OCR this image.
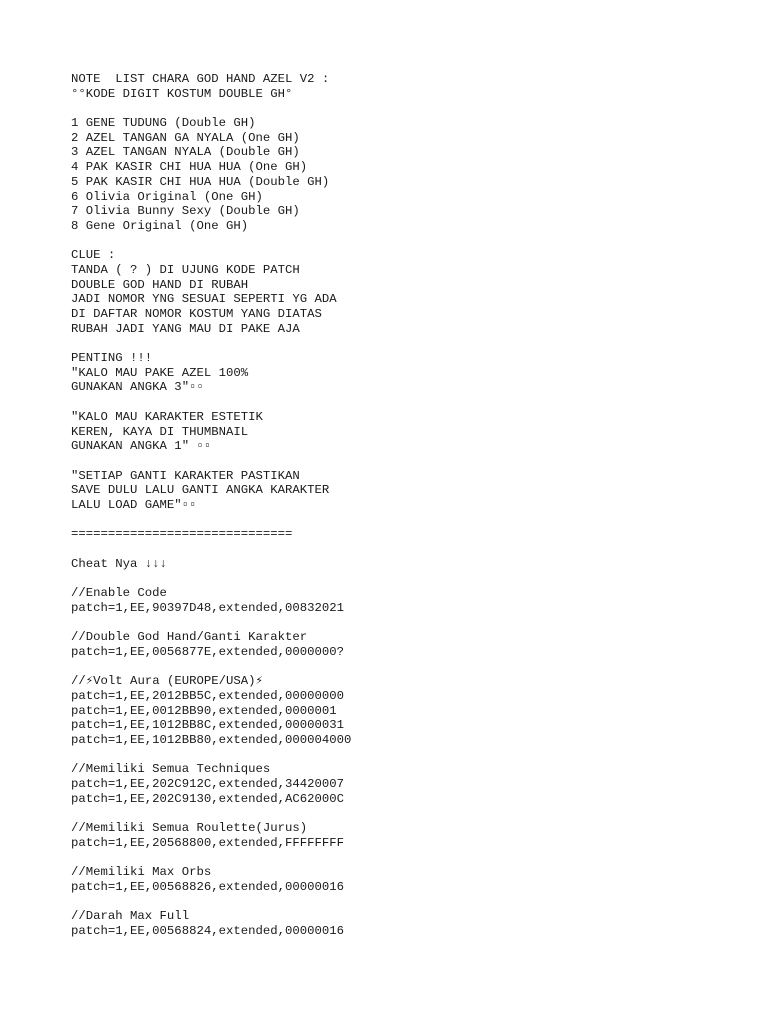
NOTE  LIST CHARA GOD HAND AZEL V2 :
°°KODE DIGIT KOSTUM DOUBLE GH°
1 GENE TUDUNG (Double GH)
2 AZEL TANGAN GA NYALA (One GH)
3 AZEL TANGAN NYALA (Double GH)
4 PAK KASIR CHI HUA HUA (One GH)
5 PAK KASIR CHI HUA HUA (Double GH)
6 Olivia Original (One GH)
7 Olivia Bunny Sexy (Double GH)
8 Gene Original (One GH)
CLUE :
TANDA ( ? ) DI UJUNG KODE PATCH
DOUBLE GOD HAND DI RUBAH
JADI NOMOR YNG SESUAI SEPERTI YG ADA
DI DAFTAR NOMOR KOSTUM YANG DIATAS
RUBAH JADI YANG MAU DI PAKE AJA
PENTING !!!
"KALO MAU PAKE AZEL 100%
GUNAKAN ANGKA 3"▫▫
"KALO MAU KARAKTER ESTETIK
KEREN, KAYA DI THUMBNAIL
GUNAKAN ANGKA 1" ▫▫
"SETIAP GANTI KARAKTER PASTIKAN
SAVE DULU LALU GANTI ANGKA KARAKTER
LALU LOAD GAME"▫▫
==============================
Cheat Nya ↓↓↓
//Enable Code
patch=1,EE,90397D48,extended,00832021
//Double God Hand/Ganti Karakter
patch=1,EE,0056877E,extended,0000000?
//⚡Volt Aura (EUROPE/USA)⚡
patch=1,EE,2012BB5C,extended,00000000
patch=1,EE,0012BB90,extended,0000001
patch=1,EE,1012BB8C,extended,00000031
patch=1,EE,1012BB80,extended,000004000
//Memiliki Semua Techniques
patch=1,EE,202C912C,extended,34420007
patch=1,EE,202C9130,extended,AC62000C
//Memiliki Semua Roulette(Jurus)
patch=1,EE,20568800,extended,FFFFFFFF
//Memiliki Max Orbs
patch=1,EE,00568826,extended,00000016
//Darah Max Full
patch=1,EE,00568824,extended,00000016
